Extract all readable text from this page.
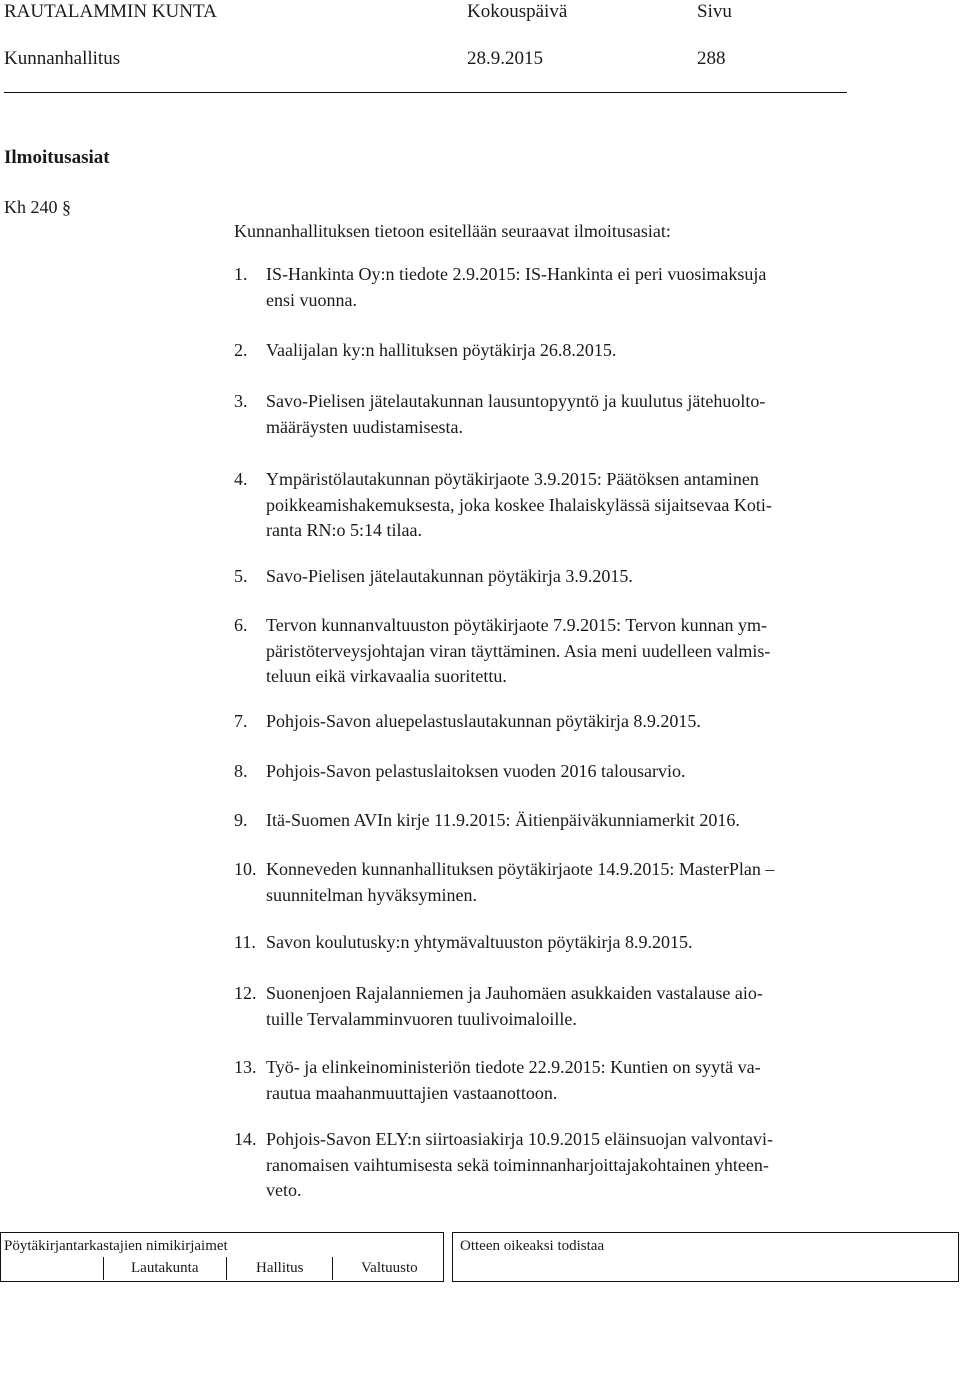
RAUTALAMMIN KUNTA	Kokouspäivä	Sivu
Kunnanhallitus	28.9.2015	288
Ilmoitusasiat
Kh 240 §
Kunnanhallituksen tietoon esitellään seuraavat ilmoitusasiat:
1. IS-Hankinta Oy:n tiedote 2.9.2015: IS-Hankinta ei peri vuosimaksuja
ensi vuonna.
2. Vaalijalan ky:n hallituksen pöytäkirja 26.8.2015.
3. Savo-Pielisen jätelautakunnan lausuntopyyntö ja kuulutus jätehuolto-
määräysten uudistamisesta.
4. Ympäristölautakunnan pöytäkirjaote 3.9.2015: Päätöksen antaminen
poikkeamishakemuksesta, joka koskee Ihalaiskylässä sijaitsevaa Koti-
ranta RN:o 5:14 tilaa.
5. Savo-Pielisen jätelautakunnan pöytäkirja 3.9.2015.
6. Tervon kunnanvaltuuston pöytäkirjaote 7.9.2015: Tervon kunnan ym-
päristöterveysjohtajan viran täyttäminen. Asia meni uudelleen valmis-
teluun eikä virkavaalia suoritettu.
7. Pohjois-Savon aluepelastuslautakunnan pöytäkirja 8.9.2015.
8. Pohjois-Savon pelastuslaitoksen vuoden 2016 talousarvio.
9. Itä-Suomen AVIn kirje 11.9.2015: Äitienpäiväkunniamerkit 2016.
10. Konneveden kunnanhallituksen pöytäkirjaote 14.9.2015: MasterPlan –
suunnitelman hyväksyminen.
11. Savon koulutusky:n yhtymävaltuuston pöytäkirja 8.9.2015.
12. Suonenjoen Rajalanniemen ja Jauhomäen asukkaiden vastalause aio-
tuille Tervalamminvuoren tuulivoimaloille.
13. Työ- ja elinkeinoministeriön tiedote 22.9.2015: Kuntien on syytä va-
rautua maahanmuuttajien vastaanottoon.
14. Pohjois-Savon ELY:n siirtoasiakirja 10.9.2015 eläinsuojan valvontavi-
ranomaisen vaihtumisesta sekä toiminnanharjoittajakohtainen yhteen-
veto.
Pöytäkirjantarkastajien nimikirjaimet
Lautakunta	Hallitus	Valtuusto
Otteen oikeaksi todistaa
